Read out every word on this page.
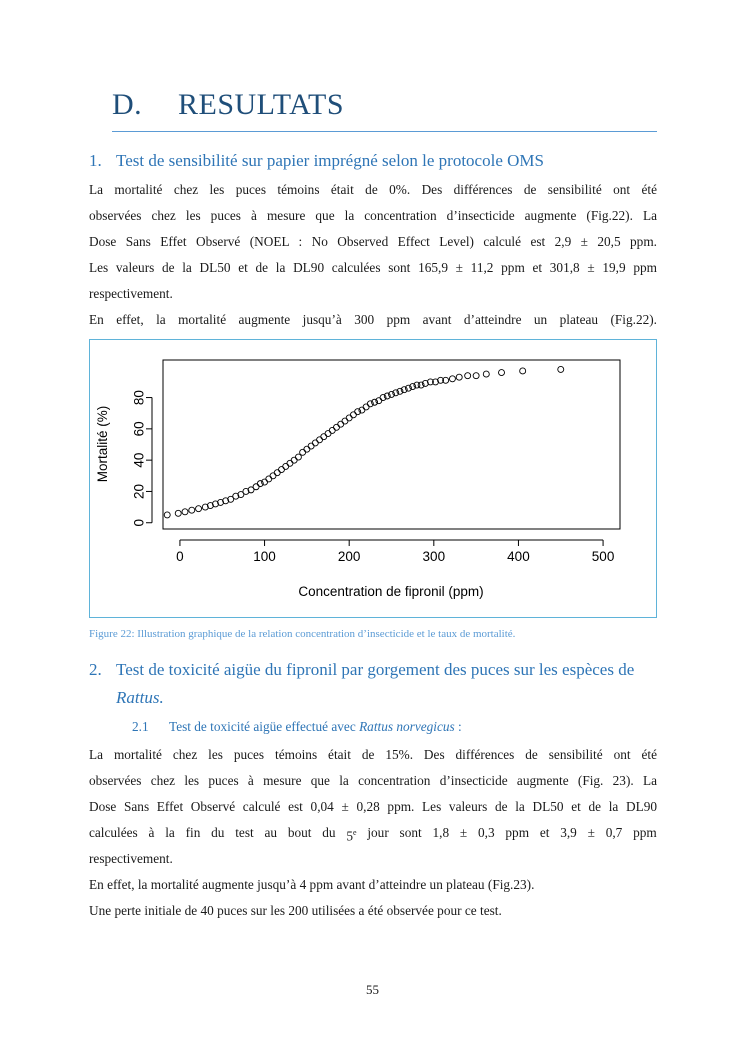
D. RESULTATS
1. Test de sensibilité sur papier imprégné selon le protocole OMS
La mortalité chez les puces témoins était de 0%. Des différences de sensibilité ont été
observées chez les puces à mesure que la concentration d’insecticide augmente (Fig.22). La
Dose Sans Effet Observé (NOEL : No Observed Effect Level) calculé est 2,9 ± 20,5 ppm.
Les valeurs de la DL50 et de la DL90 calculées sont 165,9 ± 11,2 ppm et 301,8 ± 19,9 ppm
respectivement.
En effet, la mortalité augmente jusqu’à 300 ppm avant d’atteindre un plateau (Fig.22).
0	100	200	300	400	500
0
20
40
60
80
Concentration de fipronil (ppm)
Mortalité (%)
Figure 22: Illustration graphique de la relation concentration d’insecticide et le taux de mortalité.
2. Test de toxicité aigüe du fipronil par gorgement des puces sur les espèces de
Rattus.
2.1 Test de toxicité aigüe effectué avec Rattus norvegicus :
La mortalité chez les puces témoins était de 15%. Des différences de sensibilité ont été
observées chez les puces à mesure que la concentration d’insecticide augmente (Fig. 23). La
Dose Sans Effet Observé calculé est 0,04 ± 0,28 ppm. Les valeurs de la DL50 et de la DL90
calculées à la fin du test au bout du 5e jour sont 1,8 ± 0,3 ppm et 3,9 ± 0,7 ppm
respectivement.
En effet, la mortalité augmente jusqu’à 4 ppm avant d’atteindre un plateau (Fig.23).
Une perte initiale de 40 puces sur les 200 utilisées a été observée pour ce test.
55
